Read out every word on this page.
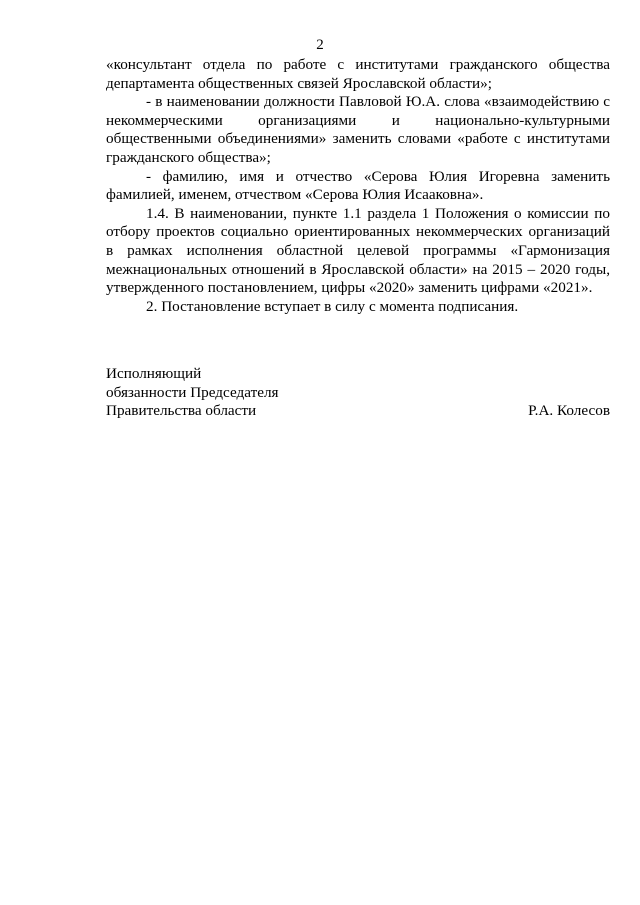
2

«консультант отдела по работе с институтами гражданского общества департамента общественных связей Ярославской области»;

- в наименовании должности Павловой Ю.А. слова «взаимодействию с некоммерческими организациями и национально-культурными общественными объединениями» заменить словами «работе с институтами гражданского общества»;

- фамилию, имя и отчество «Серова Юлия Игоревна заменить фамилией, именем, отчеством «Серова Юлия Исааковна».

1.4. В наименовании, пункте 1.1 раздела 1 Положения о комиссии по отбору проектов социально ориентированных некоммерческих организаций в рамках исполнения областной целевой программы «Гармонизация межнациональных отношений в Ярославской области» на 2015 – 2020 годы, утвержденного постановлением, цифры «2020» заменить цифрами «2021».

2. Постановление вступает в силу с момента подписания.

Исполняющий
обязанности Председателя
Правительства области	Р.А. Колесов
